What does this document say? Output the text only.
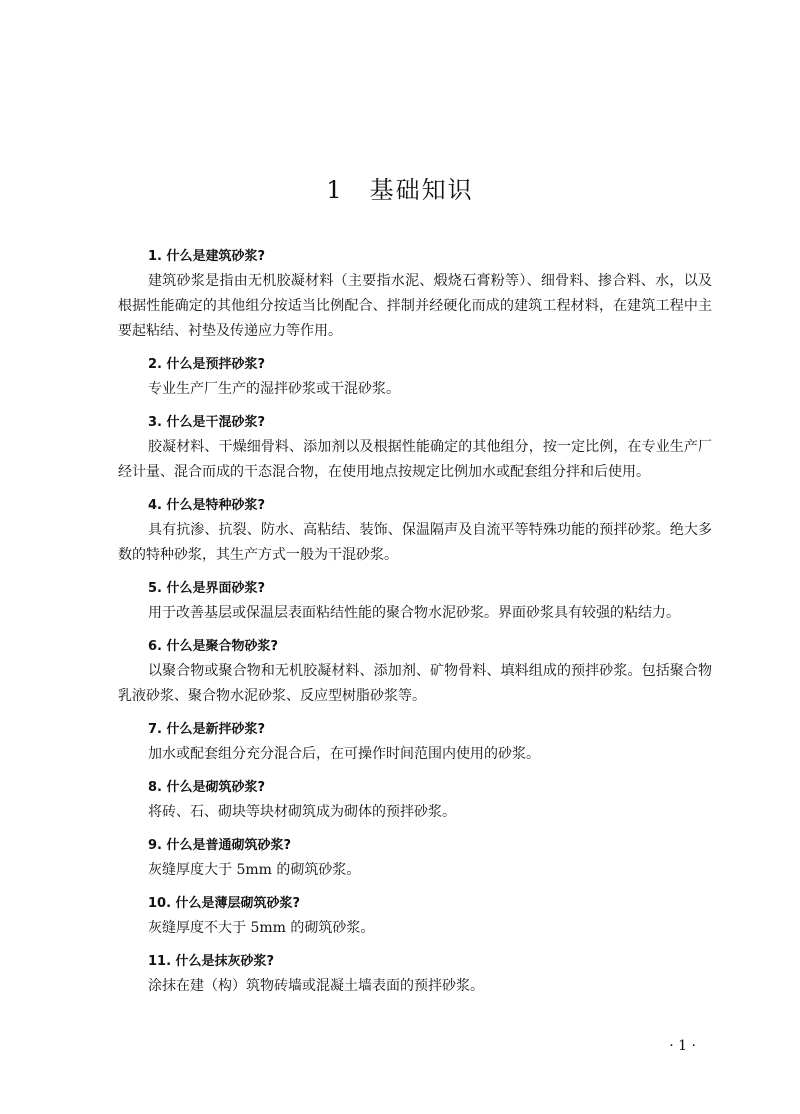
1 基础知识
1. 什么是建筑砂浆?
建筑砂浆是指由无机胶凝材料（主要指水泥、煅烧石膏粉等）、细骨料、掺合料、水，以及根据性能确定的其他组分按适当比例配合、拌制并经硬化而成的建筑工程材料，在建筑工程中主要起粘结、衬垫及传递应力等作用。
2. 什么是预拌砂浆?
专业生产厂生产的湿拌砂浆或干混砂浆。
3. 什么是干混砂浆?
胶凝材料、干燥细骨料、添加剂以及根据性能确定的其他组分，按一定比例，在专业生产厂经计量、混合而成的干态混合物，在使用地点按规定比例加水或配套组分拌和后使用。
4. 什么是特种砂浆?
具有抗渗、抗裂、防水、高粘结、装饰、保温隔声及自流平等特殊功能的预拌砂浆。绝大多数的特种砂浆，其生产方式一般为干混砂浆。
5. 什么是界面砂浆?
用于改善基层或保温层表面粘结性能的聚合物水泥砂浆。界面砂浆具有较强的粘结力。
6. 什么是聚合物砂浆?
以聚合物或聚合物和无机胶凝材料、添加剂、矿物骨料、填料组成的预拌砂浆。包括聚合物乳液砂浆、聚合物水泥砂浆、反应型树脂砂浆等。
7. 什么是新拌砂浆?
加水或配套组分充分混合后，在可操作时间范围内使用的砂浆。
8. 什么是砌筑砂浆?
将砖、石、砌块等块材砌筑成为砌体的预拌砂浆。
9. 什么是普通砌筑砂浆?
灰缝厚度大于 5mm 的砌筑砂浆。
10. 什么是薄层砌筑砂浆?
灰缝厚度不大于 5mm 的砌筑砂浆。
11. 什么是抹灰砂浆?
涂抹在建（构）筑物砖墙或混凝土墙表面的预拌砂浆。
· 1 ·
